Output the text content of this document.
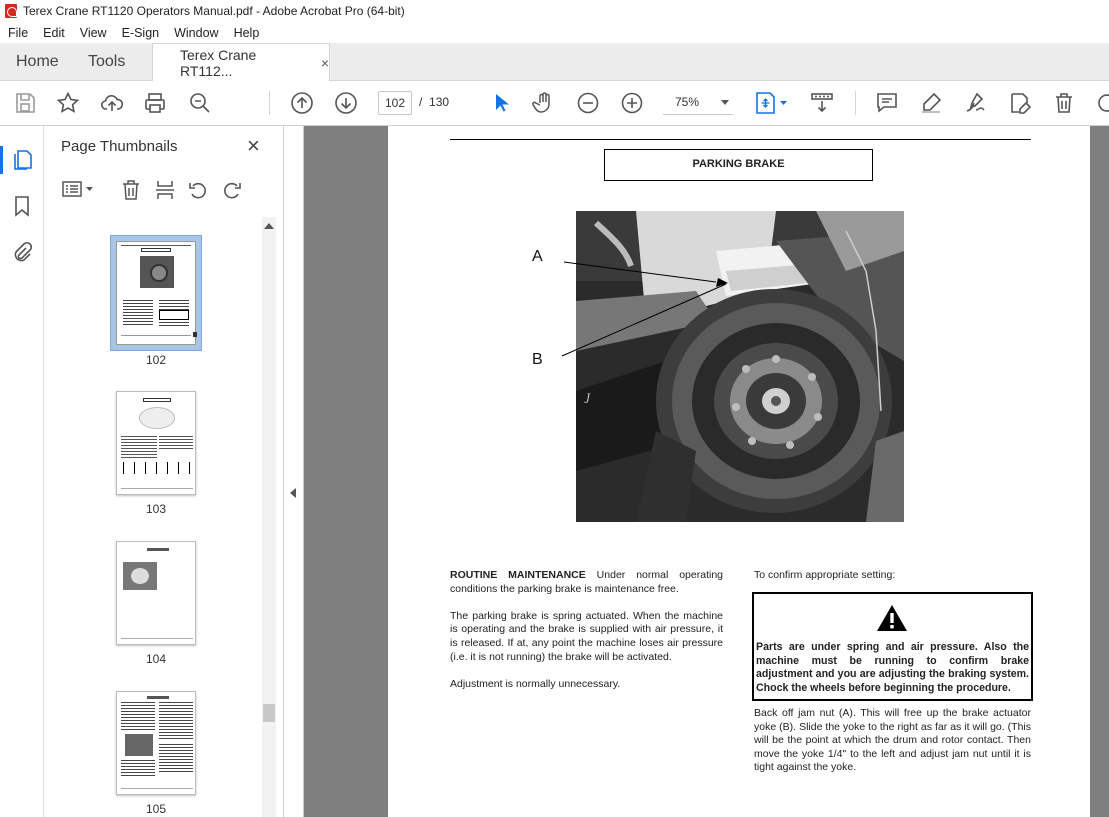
Terex Crane RT1120 Operators Manual.pdf - Adobe Acrobat Pro (64-bit)
File	Edit	View	E-Sign	Window	Help
Home Tools	Terex Crane RT112...	×
102	/ 130	75%
Page Thumbnails	×
102
103
104
105
PARKING BRAKE
J
A
B

ROUTINE MAINTENANCE Under normal operating conditions the parking brake is maintenance free.

The parking brake is spring actuated. When the machine is operating and the brake is supplied with air pressure, it is released. If at, any point the machine loses air pressure (i.e. it is not running) the brake will be activated.

Adjustment is normally unnecessary.

To confirm appropriate setting:
Parts are under spring and air pressure. Also the machine must be running to confirm brake adjustment and you are adjusting the braking system. Chock the wheels before beginning the procedure.
Back off jam nut (A). This will free up the brake actuator yoke (B). Slide the yoke to the right as far as it will go. (This will be the point at which the drum and rotor contact. Then move the yoke 1/4" to the left and adjust jam nut until it is tight against the yoke.
